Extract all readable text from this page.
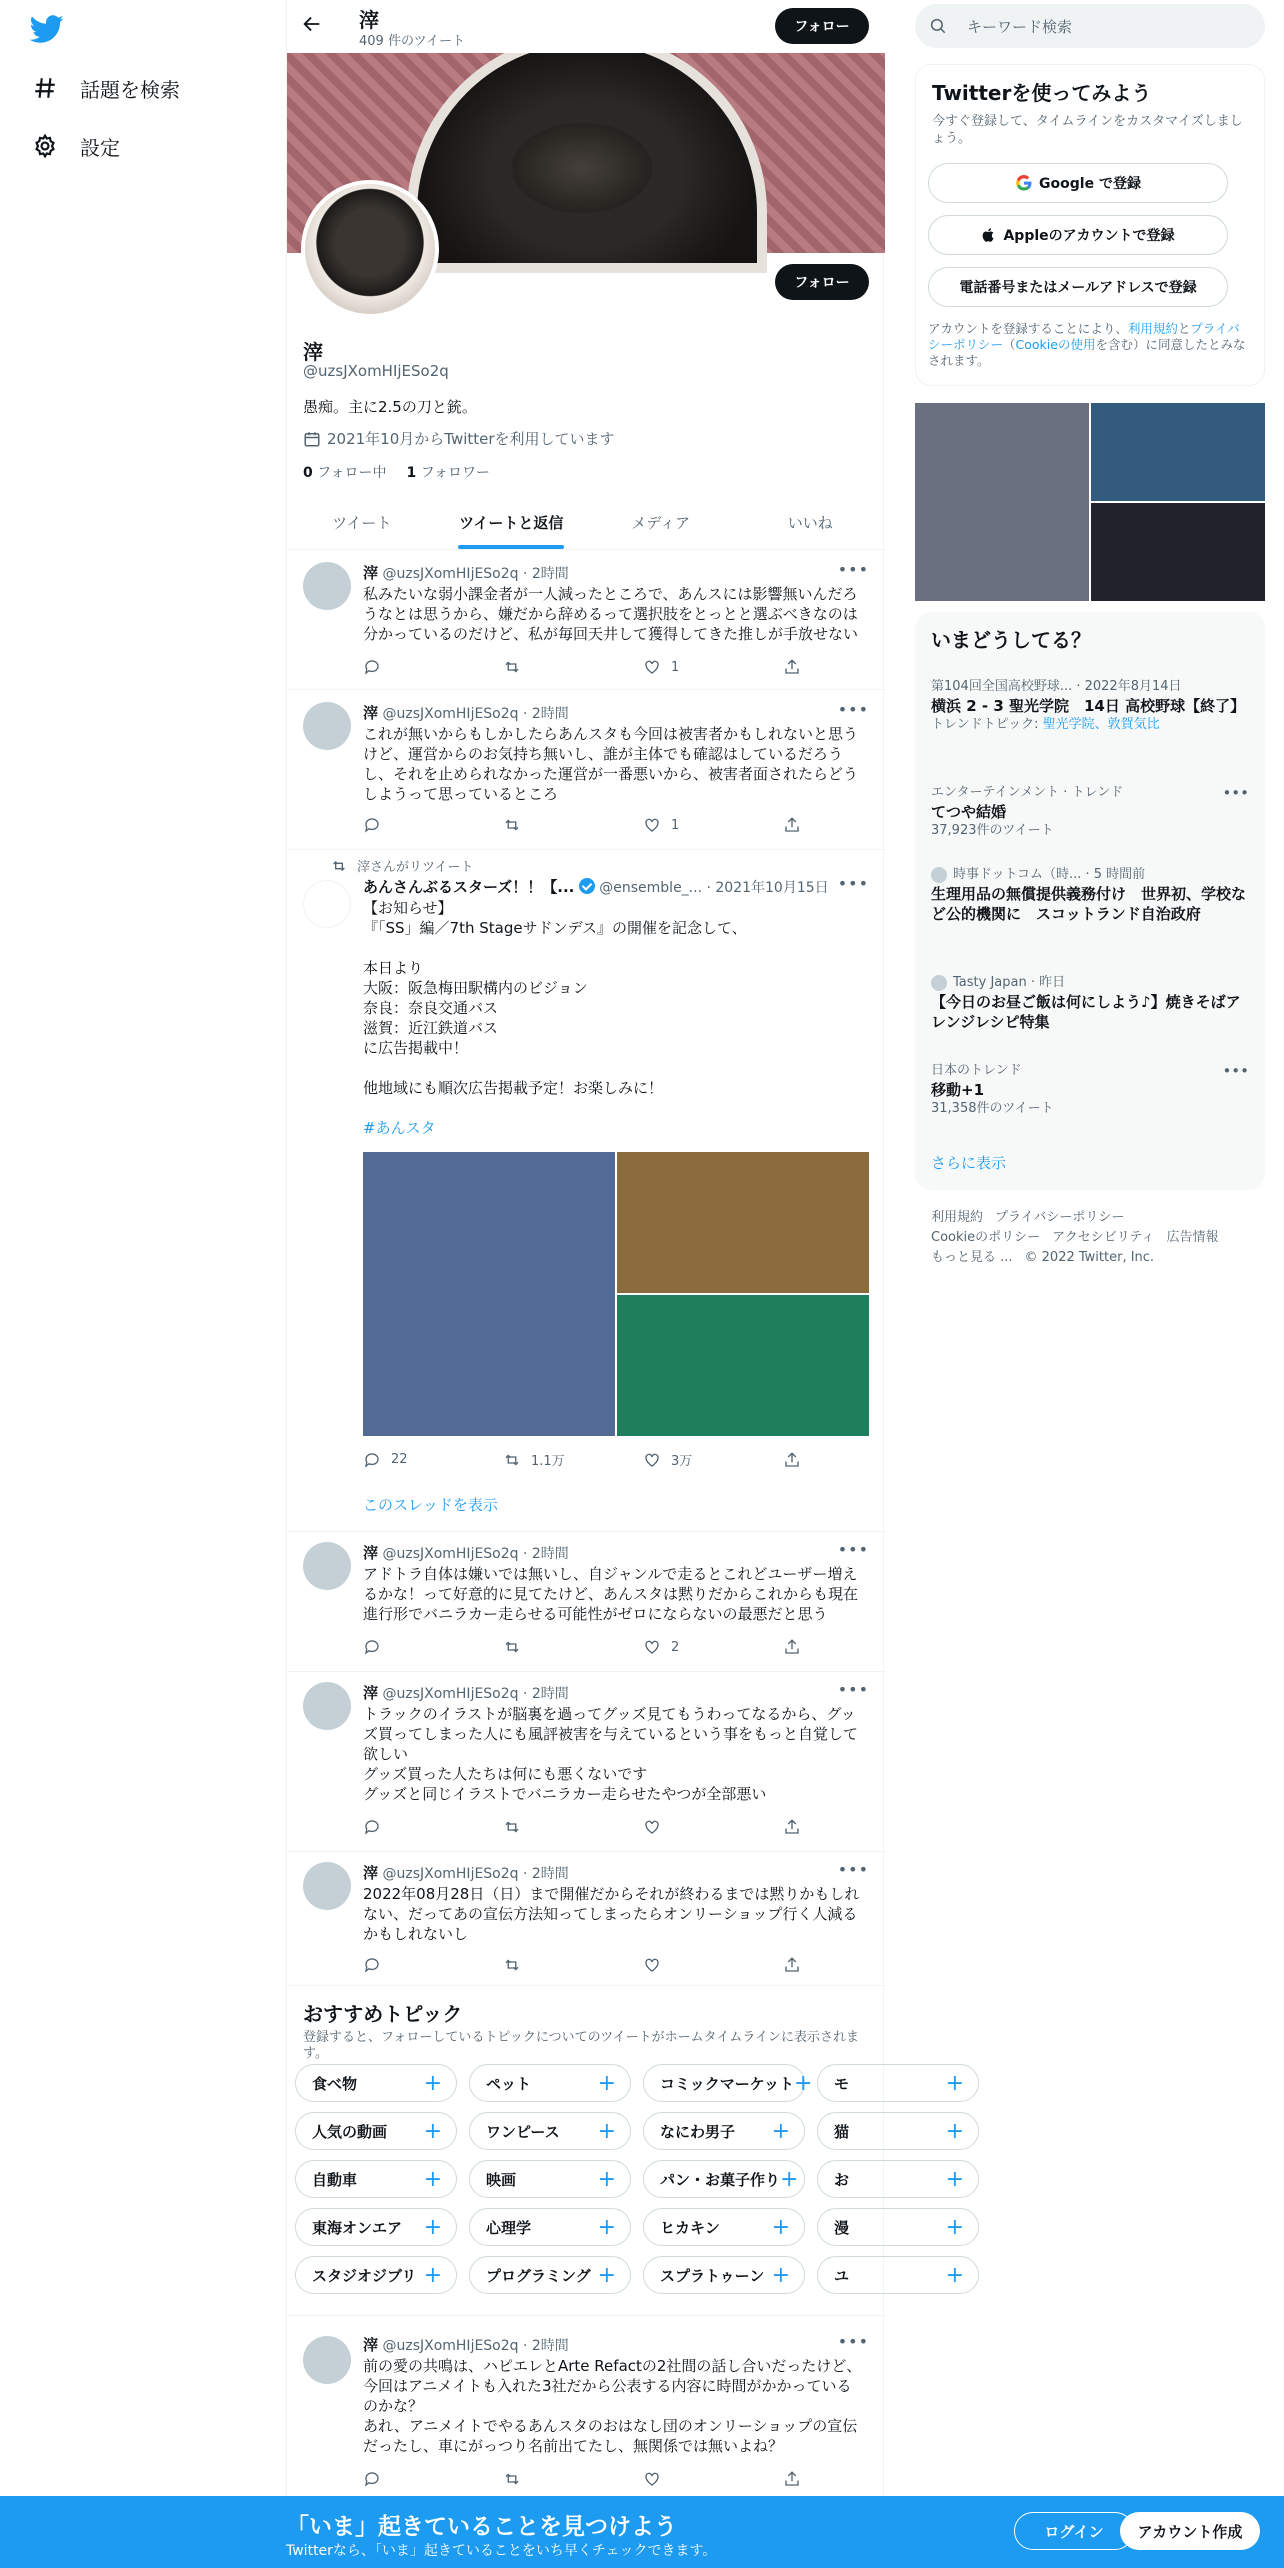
話題を検索
設定
滓
409 件のツイート
フォロー
フォロー
滓
@uzsJXomHIjESo2q
愚痴。主に2.5の刀と銃。
2021年10月からTwitterを利用しています
0 フォロー中 1 フォロワー
ツイート	ツイートと返信	メディア	いいね
滓 @uzsJXomHIjESo2q · 2時間	•••
私みたいな弱小課金者が一人減ったところで、あんスには影響無いんだろうなとは思うから、嫌だから辞めるって選択肢をとっとと選ぶべきなのは分かっているのだけど、私が毎回天井して獲得してきた推しが手放せない
1
滓 @uzsJXomHIjESo2q · 2時間	•••
これが無いからもしかしたらあんスタも今回は被害者かもしれないと思うけど、運営からのお気持ち無いし、誰が主体でも確認はしているだろうし、それを止められなかった運営が一番悪いから、被害者面されたらどうしようって思っているところ
1
滓さんがリツイート
あんさんぶるスターズ！！【... @ensemble_... · 2021年10月15日 •••
【お知らせ】
『「SS」編／7th Stageサドンデス』の開催を記念して、

本日より
大阪：阪急梅田駅構内のビジョン
奈良：奈良交通バス
滋賀：近江鉄道バス
に広告掲載中！

他地域にも順次広告掲載予定！お楽しみに！
#あんスタ
22	1.1万	3万
このスレッドを表示
滓 @uzsJXomHIjESo2q · 2時間	•••
アドトラ自体は嫌いでは無いし、自ジャンルで走るとこれどユーザー増えるかな！って好意的に見てたけど、あんスタは黙りだからこれからも現在進行形でバニラカー走らせる可能性がゼロにならないの最悪だと思う
2
滓 @uzsJXomHIjESo2q · 2時間	•••
トラックのイラストが脳裏を過ってグッズ見てもうわってなるから、グッズ買ってしまった人にも風評被害を与えているという事をもっと自覚して欲しい
グッズ買った人たちは何にも悪くないです
グッズと同じイラストでバニラカー走らせたやつが全部悪い
滓 @uzsJXomHIjESo2q · 2時間	•••
2022年08月28日（日）まで開催だからそれが終わるまでは黙りかもしれない、だってあの宣伝方法知ってしまったらオンリーショップ行く人減るかもしれないし
おすすめトピック
登録すると、フォローしているトピックについてのツイートがホームタイムラインに表示されます。
食べ物	+	ペット	+	コミックマーケット + モ	+
人気の動画 +	ワンピース +	なにわ男子 +	猫	+
自動車	+	映画	+	パン・お菓子作り + お	+
東海オンエア +	心理学	+	ヒカキン +	漫	+
スタジオジブリ +	プログラミング +	スプラトゥーン +	ユ	+
滓 @uzsJXomHIjESo2q · 2時間	•••
前の愛の共鳴は、ハピエレとArte Refactの2社間の話し合いだったけど、今回はアニメイトも入れた3社だから公表する内容に時間がかかっているのかな？
あれ、アニメイトでやるあんスタのおはなし団のオンリーショップの宣伝だったし、車にがっつり名前出てたし、無関係では無いよね？
キーワード検索
Twitterを使ってみよう
今すぐ登録して、タイムラインをカスタマイズしましょう。
Google で登録
Appleのアカウントで登録
電話番号またはメールアドレスで登録
アカウントを登録することにより、利用規約とプライバシーポリシー（Cookieの使用を含む）に同意したとみなされます。
いまどうしてる？
第104回全国高校野球... · 2022年8月14日
横浜 2 - 3 聖光学院　14日 高校野球【終了】
トレンドトピック: 聖光学院、敦賀気比
エンターテインメント · トレンド
てつや結婚
37,923件のツイート
•••
時事ドットコム（時... · 5 時間前
生理用品の無償提供義務付け　世界初、学校など公的機関に　スコットランド自治政府
Tasty Japan · 昨日
【今日のお昼ご飯は何にしよう♪】焼きそばアレンジレシピ特集
日本のトレンド
移動+1
31,358件のツイート
•••
さらに表示
利用規約 プライバシーポリシー
Cookieのポリシー アクセシビリティ 広告情報
もっと見る ... © 2022 Twitter, Inc.
「いま」起きていることを見つけよう
Twitterなら、「いま」起きていることをいち早くチェックできます。
ログイン	アカウント作成
